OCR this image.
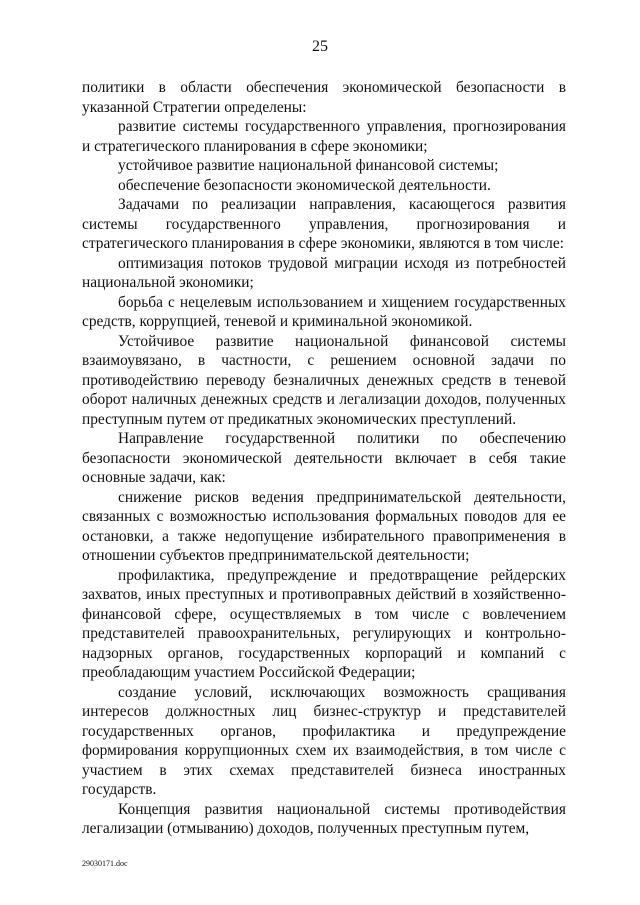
25

политики в области обеспечения экономической безопасности в указанной Стратегии определены:

развитие системы государственного управления, прогнозирования и стратегического планирования в сфере экономики;

устойчивое развитие национальной финансовой системы;

обеспечение безопасности экономической деятельности.

Задачами по реализации направления, касающегося развития системы государственного управления, прогнозирования и стратегического планирования в сфере экономики, являются в том числе:

оптимизация потоков трудовой миграции исходя из потребностей национальной экономики;

борьба с нецелевым использованием и хищением государственных средств, коррупцией, теневой и криминальной экономикой.

Устойчивое развитие национальной финансовой системы взаимоувязано, в частности, с решением основной задачи по противодействию переводу безналичных денежных средств в теневой оборот наличных денежных средств и легализации доходов, полученных преступным путем от предикатных экономических преступлений.

Направление государственной политики по обеспечению безопасности экономической деятельности включает в себя такие основные задачи, как:

снижение рисков ведения предпринимательской деятельности, связанных с возможностью использования формальных поводов для ее остановки, а также недопущение избирательного правоприменения в отношении субъектов предпринимательской деятельности;

профилактика, предупреждение и предотвращение рейдерских захватов, иных преступных и противоправных действий в хозяйственно-финансовой сфере, осуществляемых в том числе с вовлечением представителей правоохранительных, регулирующих и контрольно-надзорных органов, государственных корпораций и компаний с преобладающим участием Российской Федерации;

создание условий, исключающих возможность сращивания интересов должностных лиц бизнес-структур и представителей государственных органов, профилактика и предупреждение формирования коррупционных схем их взаимодействия, в том числе с участием в этих схемах представителей бизнеса иностранных государств.

Концепция развития национальной системы противодействия легализации (отмыванию) доходов, полученных преступным путем,

29030171.doc
